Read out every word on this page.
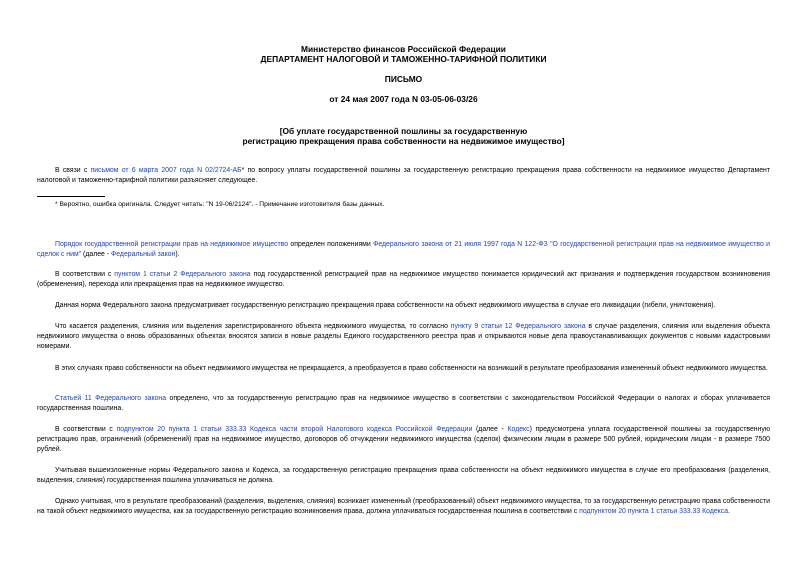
Министерство финансов Российской Федерации
ДЕПАРТАМЕНТ НАЛОГОВОЙ И ТАМОЖЕННО-ТАРИФНОЙ ПОЛИТИКИ
ПИСЬМО
от 24 мая 2007 года N 03-05-06-03/26
[Об уплате государственной пошлины за государственную
регистрацию прекращения права собственности на недвижимое имущество]

В связи с письмом от 6 марта 2007 года N 02/2724-АБ* по вопросу уплаты государственной пошлины за государственную регистрацию прекращения права собственности на недвижимое имущество Департамент налоговой и таможенно-тарифной политики разъясняет следующее.

* Вероятно, ошибка оригинала. Следует читать: "N 19-06/2124". - Примечание изготовителя базы данных.

Порядок государственной регистрации прав на недвижимое имущество определен положениями Федерального закона от 21 июля 1997 года N 122-ФЗ "О государственной регистрации прав на недвижимое имущество и сделок с ним" (далее - Федеральный закон).

В соответствии с пунктом 1 статьи 2 Федерального закона под государственной регистрацией прав на недвижимое имущество понимается юридический акт признания и подтверждения государством возникновения (обременения), перехода или прекращения прав на недвижимое имущество.

Данная норма Федерального закона предусматривает государственную регистрацию прекращения права собственности на объект недвижимого имущества в случае его ликвидации (гибели, уничтожения).

Что касается разделения, слияния или выделения зарегистрированного объекта недвижимого имущества, то согласно пункту 9 статьи 12 Федерального закона в случае разделения, слияния или выделения объекта недвижимого имущества о вновь образованных объектах вносятся записи в новые разделы Единого государственного реестра прав и открываются новые дела правоустанавливающих документов с новыми кадастровыми номерами.

В этих случаях право собственности на объект недвижимого имущества не прекращается, а преобразуется в право собственности на возникший в результате преобразования измененный объект недвижимого имущества.

Статьей 11 Федерального закона определено, что за государственную регистрацию прав на недвижимое имущество в соответствии с законодательством Российской Федерации о налогах и сборах уплачивается государственная пошлина.

В соответствии с подпунктом 20 пункта 1 статьи 333.33 Кодекса части второй Налогового кодекса Российской Федерации (далее - Кодекс) предусмотрена уплата государственной пошлины за государственную регистрацию прав, ограничений (обременений) прав на недвижимое имущество, договоров об отчуждении недвижимого имущества (сделок) физическим лицам в размере 500 рублей, юридическим лицам - в размере 7500 рублей.

Учитывая вышеизложенные нормы Федерального закона и Кодекса, за государственную регистрацию прекращения права собственности на объект недвижимого имущества в случае его преобразования (разделения, выделения, слияния) государственная пошлина уплачиваться не должна.

Однако учитывая, что в результате преобразований (разделения, выделения, слияния) возникает измененный (преобразованный) объект недвижимого имущества, то за государственную регистрацию права собственности на такой объект недвижимого имущества, как за государственную регистрацию возникновения права, должна уплачиваться государственная пошлина в соответствии с подпунктом 20 пункта 1 статьи 333.33 Кодекса.
